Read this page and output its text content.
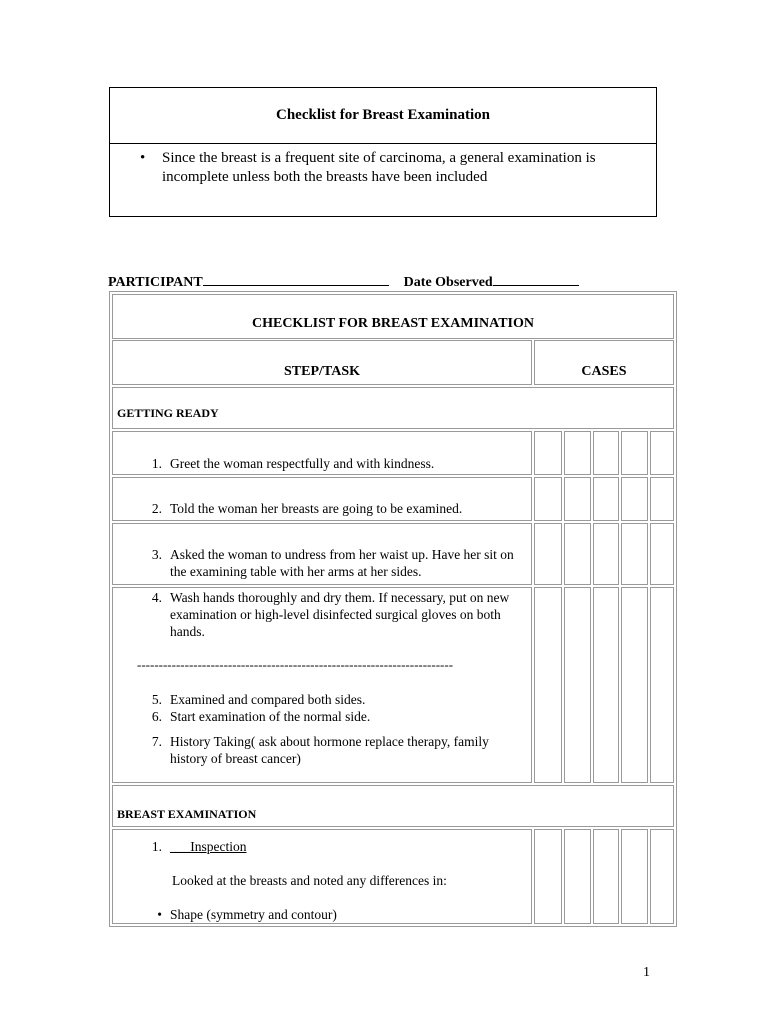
Checklist for Breast Examination
•	Since the breast is a frequent site of carcinoma, a general examination is incomplete unless both the breasts have been included
PARTICIPANT	Date Observed
CHECKLIST FOR BREAST EXAMINATION
STEP/TASK	CASES
GETTING READY
1. Greet the woman respectfully and with kindness.
2. Told the woman her breasts are going to be examined.
3. Asked the woman to undress from her waist up. Have her sit on the examining table with her arms at her sides.
4. Wash hands thoroughly and dry them. If necessary, put on new examination or high-level disinfected surgical gloves on both hands.
-------------------------------------------------------------------------
5. Examined and compared both sides.
6. Start examination of the normal side.
7. History Taking( ask about hormone replace therapy, family history of breast cancer)
BREAST EXAMINATION
1. ___Inspection
Looked at the breasts and noted any differences in:
• Shape (symmetry and contour)
1
